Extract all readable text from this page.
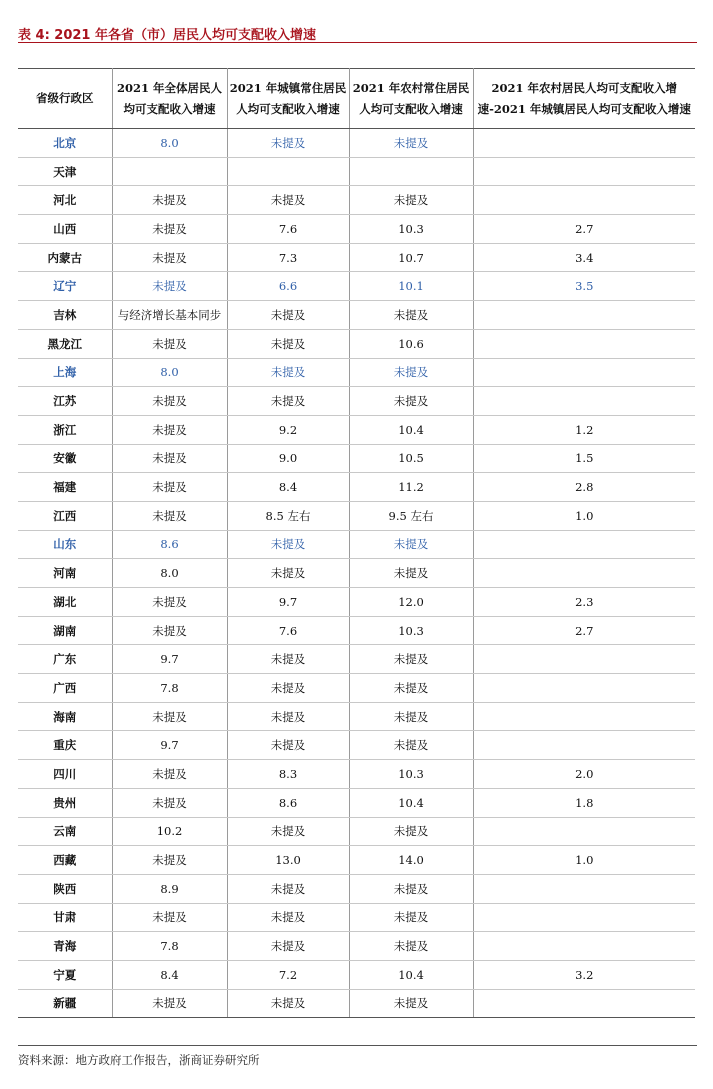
表 4: 2021 年各省（市）居民人均可支配收入增速
省级行政区	2021 年全体居民人均可支配收入增速	2021 年城镇常住居民人均可支配收入增速	2021 年农村常住居民人均可支配收入增速	2021 年农村居民人均可支配收入增速-2021 年城镇居民人均可支配收入增速
北京	8.0	未提及	未提及	
天津				
河北	未提及	未提及	未提及	
山西	未提及	7.6	10.3	2.7
内蒙古	未提及	7.3	10.7	3.4
辽宁	未提及	6.6	10.1	3.5
吉林	与经济增长基本同步	未提及	未提及	
黑龙江	未提及	未提及	10.6	
上海	8.0	未提及	未提及	
江苏	未提及	未提及	未提及	
浙江	未提及	9.2	10.4	1.2
安徽	未提及	9.0	10.5	1.5
福建	未提及	8.4	11.2	2.8
江西	未提及	8.5 左右	9.5 左右	1.0
山东	8.6	未提及	未提及	
河南	8.0	未提及	未提及	
湖北	未提及	9.7	12.0	2.3
湖南	未提及	7.6	10.3	2.7
广东	9.7	未提及	未提及	
广西	7.8	未提及	未提及	
海南	未提及	未提及	未提及	
重庆	9.7	未提及	未提及	
四川	未提及	8.3	10.3	2.0
贵州	未提及	8.6	10.4	1.8
云南	10.2	未提及	未提及	
西藏	未提及	13.0	14.0	1.0
陕西	8.9	未提及	未提及	
甘肃	未提及	未提及	未提及	
青海	7.8	未提及	未提及	
宁夏	8.4	7.2	10.4	3.2
新疆	未提及	未提及	未提及	
资料来源：地方政府工作报告，浙商证券研究所
